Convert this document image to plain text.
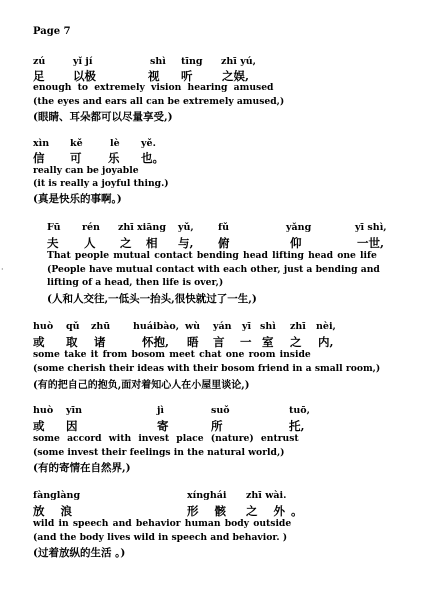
Page 7
·
zú	yǐ jí	shì tīng zhī yú,
足 以极	视 听	之娱,
enough to extremely vision hearing amused
(the eyes and ears all can be extremely amused,)
(眼睛、耳朵都可以尽量享受,)
xìn kě	lè yě.
信 可 乐 也。
really can be joyable
(it is really a joyful thing.)
(真是快乐的事啊。)
Fū rén zhī xiāng yǔ,	fǔ	yǎng	yī shì,
夫 人 之 相 与, 俯	仰	一世,
That people mutual contact bending head lifting head one life
(People have mutual contact with each other, just a bending and
lifting of a head, then life is over,)
(人和人交往,一低头一抬头,很快就过了一生,)
huò qǔ zhū huáibào, wù yán yī shì zhī nèi,
或 取 诸	怀抱, 晤 言 一 室 之 内,
some take it from bosom meet chat one room inside
(some cherish their ideas with their bosom friend in a small room,)
(有的把自己的抱负,面对着知心人在小屋里谈论,)
huò yīn	jì	suǒ	tuō,
或 因	寄	所	托,
some accord with invest place (nature) entrust
(some invest their feelings in the natural world,)
(有的寄情在自然界,)
fànglàng	xínghái zhī wài.
放 浪	形 骸 之 外。
wild in speech and behavior human body outside
(and the body lives wild in speech and behavior. )
(过着放纵的生活 。)
